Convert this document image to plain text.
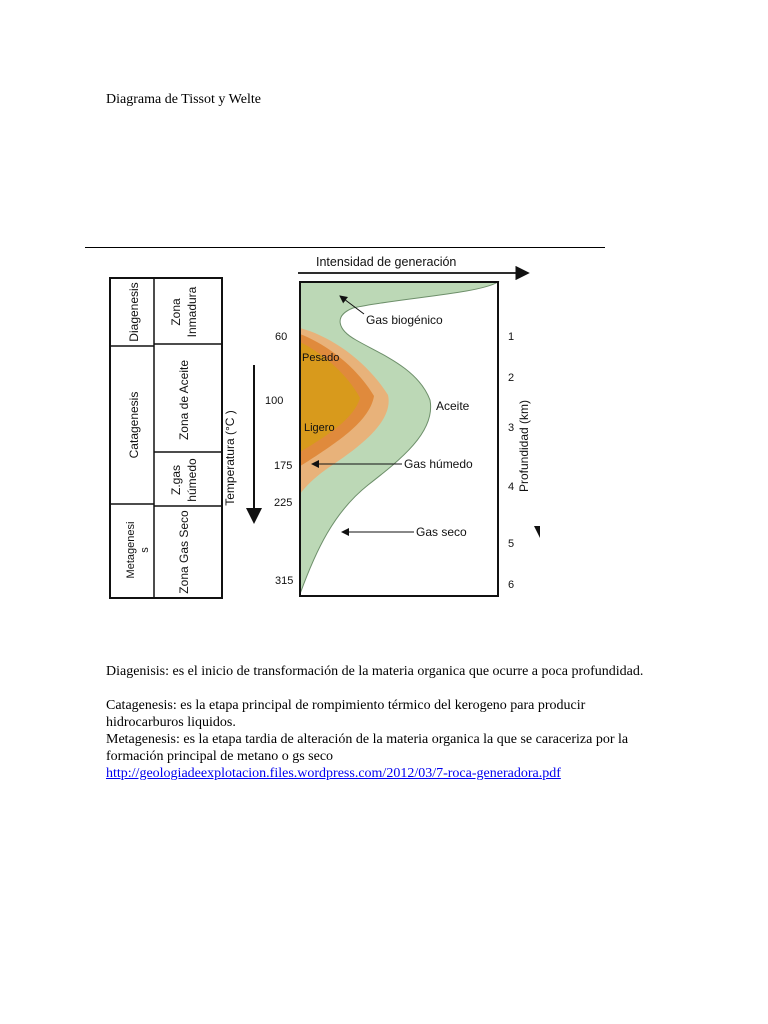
Diagrama de Tissot y Welte
Intensidad de generación
Diagenesis
Catagenesis
Metagenesi s
Zona Inmadura
Zona de Aceite
Z.gas húmedo
Zona Gas Seco
Temperatura (°C )
60
100
175
225
315
Gas biogénico
Pesado
Ligero
Aceite
Gas húmedo
Gas seco
1
2
3
4
5
6
Profundidad (km)

Diagenisis: es el inicio de transformación de la materia organica que ocurre a poca profundidad.

Catagenesis: es la etapa principal de rompimiento térmico del kerogeno para producir hidrocarburos liquidos.

Metagenesis: es la etapa tardia de alteración de la materia organica la que se caraceriza por la formación principal de metano o gs seco

http://geologiadeexplotacion.files.wordpress.com/2012/03/7-roca-generadora.pdf
